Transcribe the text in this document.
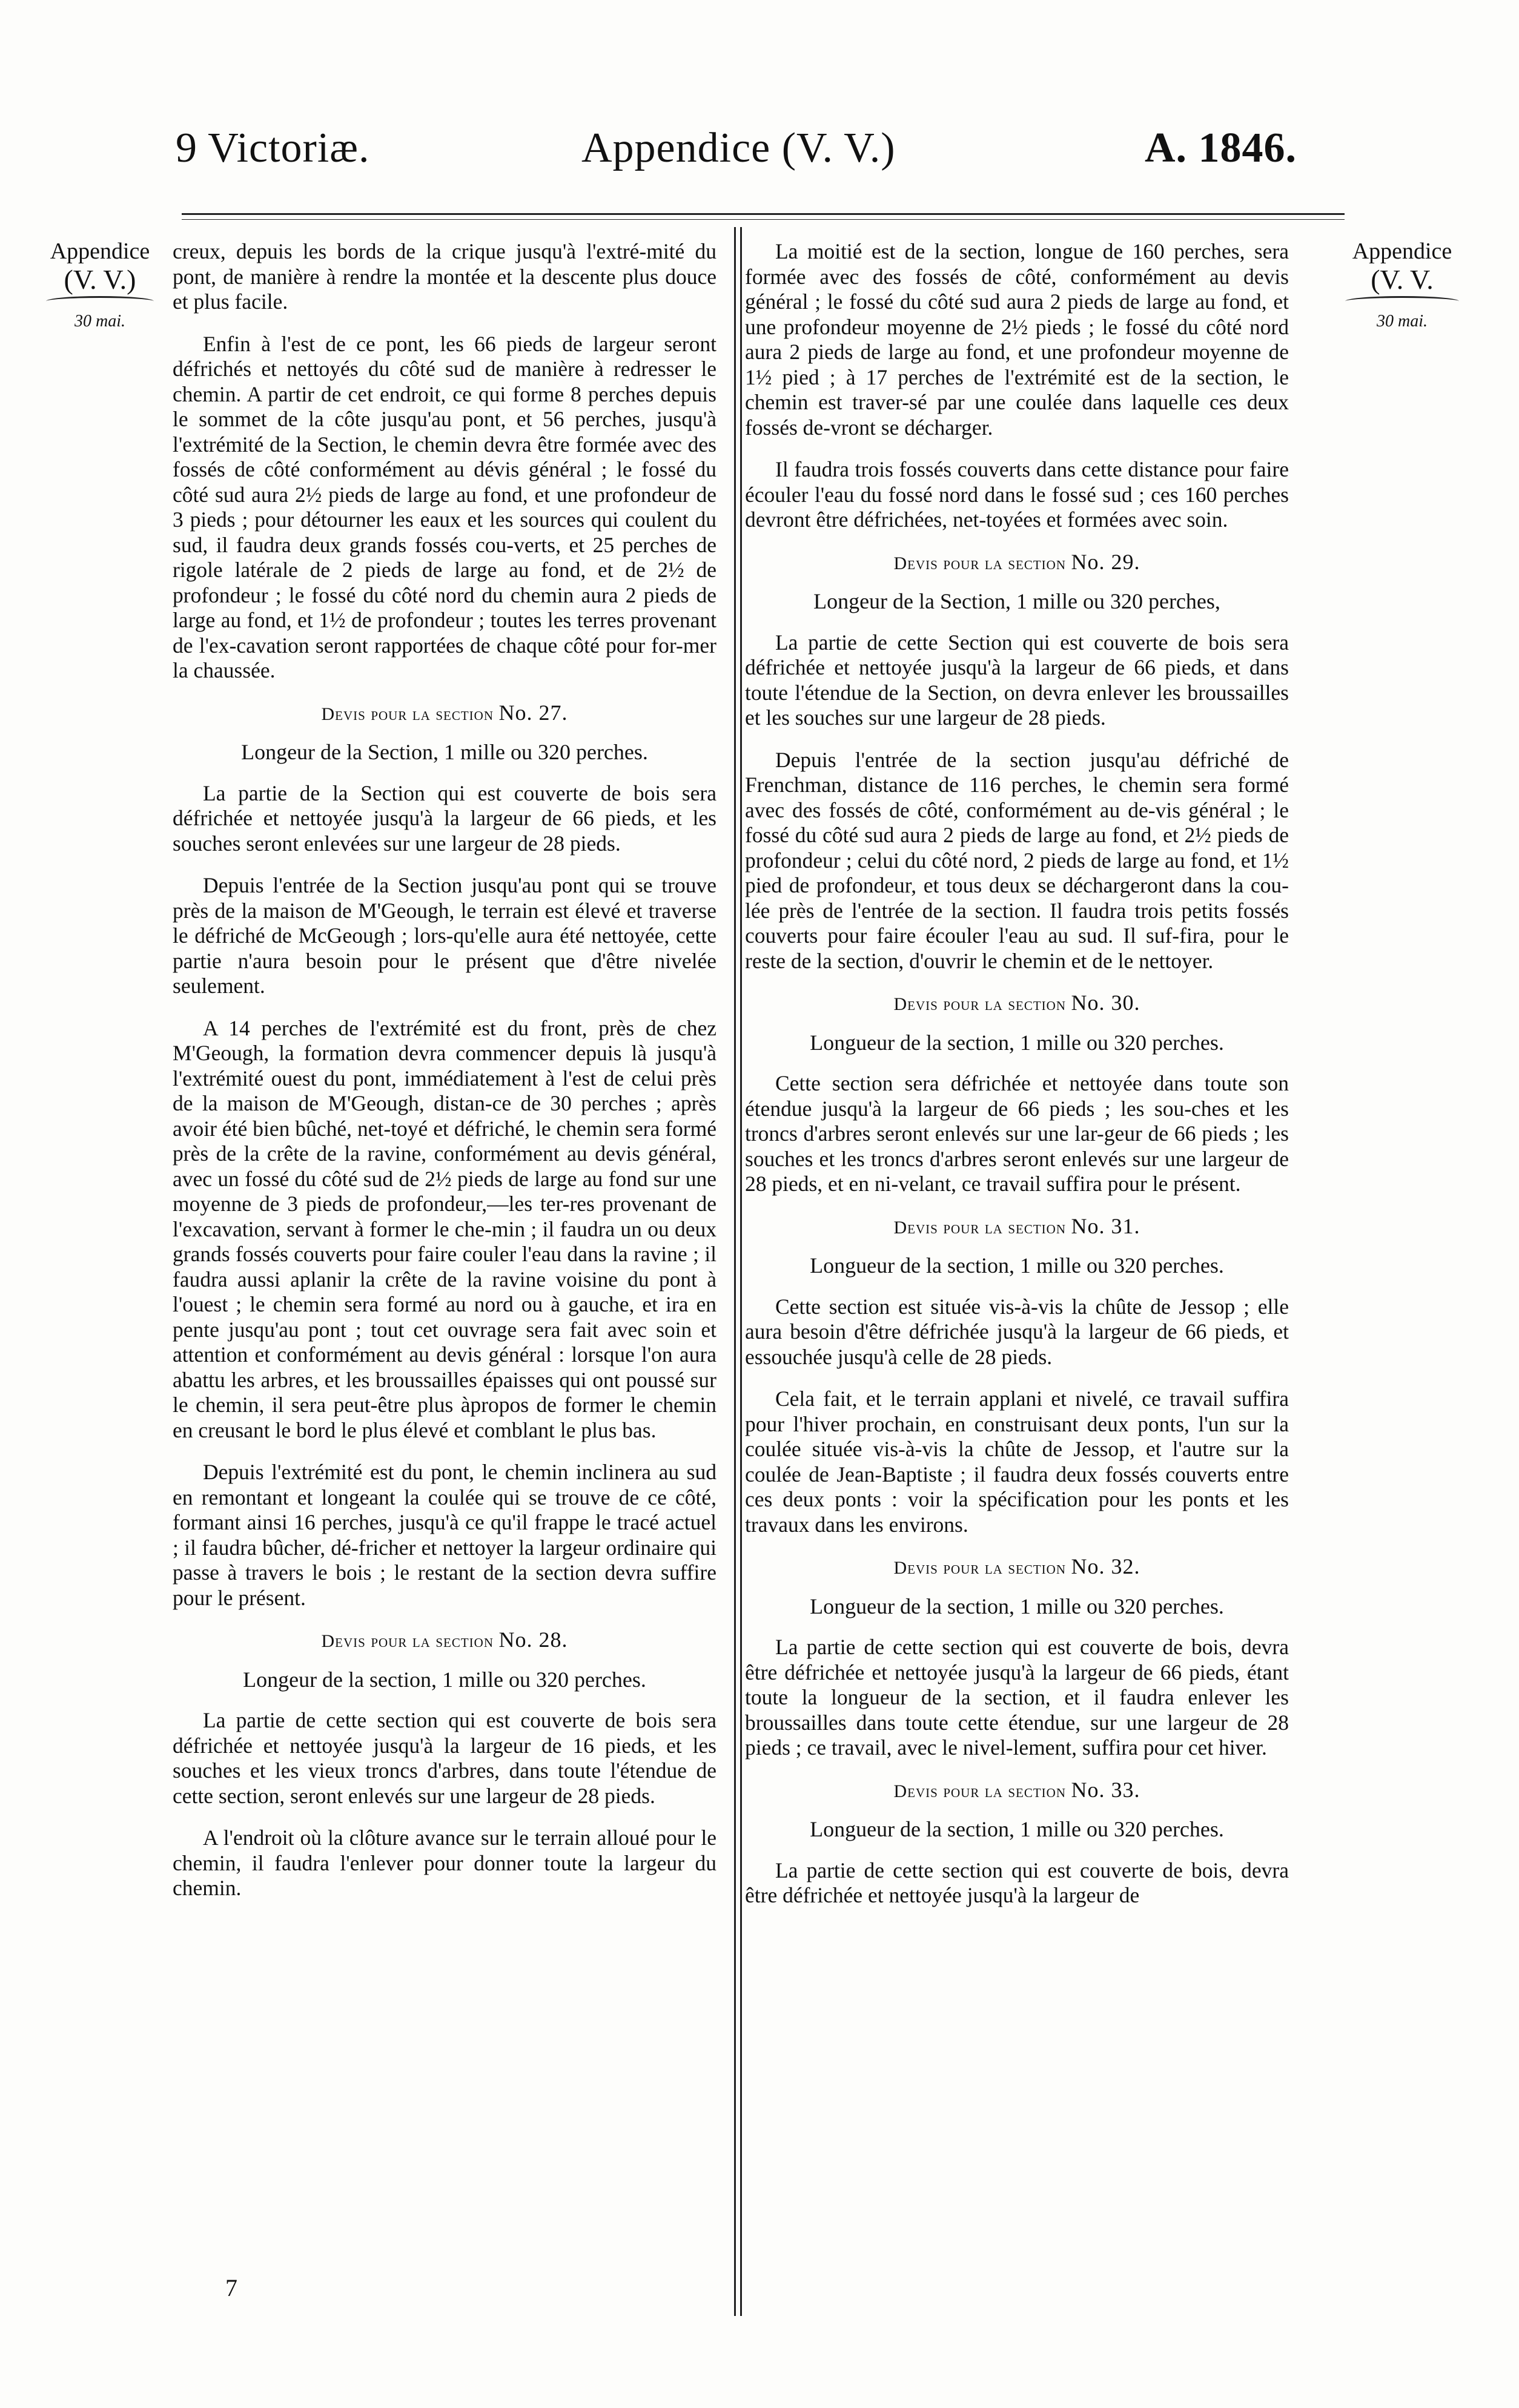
9 Victoriæ.	Appendice (V. V.)	A. 1846.
Appendice
(V. V.)
30 mai.
Appendice
(V. V.
30 mai.

creux, depuis les bords de la crique jusqu'à l'extré-mité du pont, de manière à rendre la montée et la descente plus douce et plus facile.

Enfin à l'est de ce pont, les 66 pieds de largeur seront défrichés et nettoyés du côté sud de manière à redresser le chemin. A partir de cet endroit, ce qui forme 8 perches depuis le sommet de la côte jusqu'au pont, et 56 perches, jusqu'à l'extrémité de la Section, le chemin devra être formée avec des fossés de côté conformément au dévis général ; le fossé du côté sud aura 2½ pieds de large au fond, et une profondeur de 3 pieds ; pour détourner les eaux et les sources qui coulent du sud, il faudra deux grands fossés cou-verts, et 25 perches de rigole latérale de 2 pieds de large au fond, et de 2½ de profondeur ; le fossé du côté nord du chemin aura 2 pieds de large au fond, et 1½ de profondeur ; toutes les terres provenant de l'ex-cavation seront rapportées de chaque côté pour for-mer la chaussée.

Devis pour la section No. 27.
Longeur de la Section, 1 mille ou 320 perches.

La partie de la Section qui est couverte de bois sera défrichée et nettoyée jusqu'à la largeur de 66 pieds, et les souches seront enlevées sur une largeur de 28 pieds.

Depuis l'entrée de la Section jusqu'au pont qui se trouve près de la maison de M'Geough, le terrain est élevé et traverse le défriché de McGeough ; lors-qu'elle aura été nettoyée, cette partie n'aura besoin pour le présent que d'être nivelée seulement.

A 14 perches de l'extrémité est du front, près de chez M'Geough, la formation devra commencer depuis là jusqu'à l'extrémité ouest du pont, immédiatement à l'est de celui près de la maison de M'Geough, distan-ce de 30 perches ; après avoir été bien bûché, net-toyé et défriché, le chemin sera formé près de la crête de la ravine, conformément au devis général, avec un fossé du côté sud de 2½ pieds de large au fond sur une moyenne de 3 pieds de profondeur,—les ter-res provenant de l'excavation, servant à former le che-min ; il faudra un ou deux grands fossés couverts pour faire couler l'eau dans la ravine ; il faudra aussi aplanir la crête de la ravine voisine du pont à l'ouest ; le chemin sera formé au nord ou à gauche, et ira en pente jusqu'au pont ; tout cet ouvrage sera fait avec soin et attention et conformément au devis général : lorsque l'on aura abattu les arbres, et les broussailles épaisses qui ont poussé sur le chemin, il sera peut-être plus àpropos de former le chemin en creusant le bord le plus élevé et comblant le plus bas.

Depuis l'extrémité est du pont, le chemin inclinera au sud en remontant et longeant la coulée qui se trouve de ce côté, formant ainsi 16 perches, jusqu'à ce qu'il frappe le tracé actuel ; il faudra bûcher, dé-fricher et nettoyer la largeur ordinaire qui passe à travers le bois ; le restant de la section devra suffire pour le présent.

Devis pour la section No. 28.
Longeur de la section, 1 mille ou 320 perches.

La partie de cette section qui est couverte de bois sera défrichée et nettoyée jusqu'à la largeur de 16 pieds, et les souches et les vieux troncs d'arbres, dans toute l'étendue de cette section, seront enlevés sur une largeur de 28 pieds.

A l'endroit où la clôture avance sur le terrain alloué pour le chemin, il faudra l'enlever pour donner toute la largeur du chemin.

La moitié est de la section, longue de 160 perches, sera formée avec des fossés de côté, conformément au devis général ; le fossé du côté sud aura 2 pieds de large au fond, et une profondeur moyenne de 2½ pieds ; le fossé du côté nord aura 2 pieds de large au fond, et une profondeur moyenne de 1½ pied ; à 17 perches de l'extrémité est de la section, le chemin est traver-sé par une coulée dans laquelle ces deux fossés de-vront se décharger.

Il faudra trois fossés couverts dans cette distance pour faire écouler l'eau du fossé nord dans le fossé sud ; ces 160 perches devront être défrichées, net-toyées et formées avec soin.

Devis pour la section No. 29.
Longeur de la Section, 1 mille ou 320 perches,

La partie de cette Section qui est couverte de bois sera défrichée et nettoyée jusqu'à la largeur de 66 pieds, et dans toute l'étendue de la Section, on devra enlever les broussailles et les souches sur une largeur de 28 pieds.

Depuis l'entrée de la section jusqu'au défriché de Frenchman, distance de 116 perches, le chemin sera formé avec des fossés de côté, conformément au de-vis général ; le fossé du côté sud aura 2 pieds de large au fond, et 2½ pieds de profondeur ; celui du côté nord, 2 pieds de large au fond, et 1½ pied de profondeur, et tous deux se déchargeront dans la cou-lée près de l'entrée de la section. Il faudra trois petits fossés couverts pour faire écouler l'eau au sud. Il suf-fira, pour le reste de la section, d'ouvrir le chemin et de le nettoyer.

Devis pour la section No. 30.
Longueur de la section, 1 mille ou 320 perches.

Cette section sera défrichée et nettoyée dans toute son étendue jusqu'à la largeur de 66 pieds ; les sou-ches et les troncs d'arbres seront enlevés sur une lar-geur de 66 pieds ; les souches et les troncs d'arbres seront enlevés sur une largeur de 28 pieds, et en ni-velant, ce travail suffira pour le présent.

Devis pour la section No. 31.
Longueur de la section, 1 mille ou 320 perches.

Cette section est située vis-à-vis la chûte de Jessop ; elle aura besoin d'être défrichée jusqu'à la largeur de 66 pieds, et essouchée jusqu'à celle de 28 pieds.

Cela fait, et le terrain applani et nivelé, ce travail suffira pour l'hiver prochain, en construisant deux ponts, l'un sur la coulée située vis-à-vis la chûte de Jessop, et l'autre sur la coulée de Jean-Baptiste ; il faudra deux fossés couverts entre ces deux ponts : voir la spécification pour les ponts et les travaux dans les environs.

Devis pour la section No. 32.
Longueur de la section, 1 mille ou 320 perches.

La partie de cette section qui est couverte de bois, devra être défrichée et nettoyée jusqu'à la largeur de 66 pieds, étant toute la longueur de la section, et il faudra enlever les broussailles dans toute cette étendue, sur une largeur de 28 pieds ; ce travail, avec le nivel-lement, suffira pour cet hiver.

Devis pour la section No. 33.
Longueur de la section, 1 mille ou 320 perches.

La partie de cette section qui est couverte de bois, devra être défrichée et nettoyée jusqu'à la largeur de

7
